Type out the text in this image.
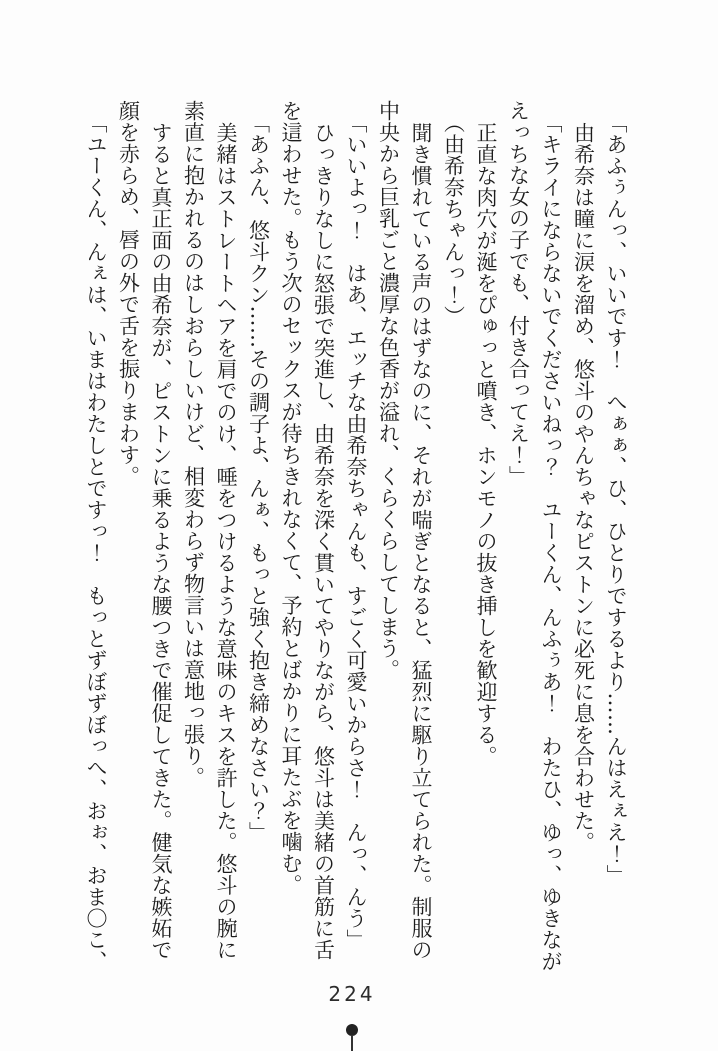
「あふぅんっ、いいです！　へぁぁ、ひ、ひとりでするより……んはえぇえ！」

由希奈は瞳に涙を溜め、悠斗のやんちゃなピストンに必死に息を合わせた。

「キライにならないでくださいねっ？　ユーくん、んふぅあ！　わたひ、ゆっ、ゆきながえっちな女の子でも、付き合ってえ！」

正直な肉穴が涎をぴゅっと噴き、ホンモノの抜き挿しを歓迎する。

（由希奈ちゃんっ！）

聞き慣れている声のはずなのに、それが喘ぎとなると、猛烈に駆り立てられた。制服の中央から巨乳ごと濃厚な色香が溢れ、くらくらしてしまう。

「いいよっ！　はあ、エッチな由希奈ちゃんも、すごく可愛いからさ！　んっ、んう」

ひっきりなしに怒張で突進し、由希奈を深く貫いてやりながら、悠斗は美緒の首筋に舌を這わせた。もう次のセックスが待ちきれなくて、予約とばかりに耳たぶを噛む。

「あふん、悠斗クン……その調子よ、んぁ、もっと強く抱き締めなさい？」

美緒はストレートヘアを肩でのけ、唾をつけるような意味のキスを許した。悠斗の腕に素直に抱かれるのはしおらしいけど、相変わらず物言いは意地っ張り。

すると真正面の由希奈が、ピストンに乗るような腰つきで催促してきた。健気な嫉妬で顔を赤らめ、唇の外で舌を振りまわす。

「ユーくん、んぇは、いまはわたしとですっ！　もっとずぼずぼっへ、おぉ、おま〇こ、

224
